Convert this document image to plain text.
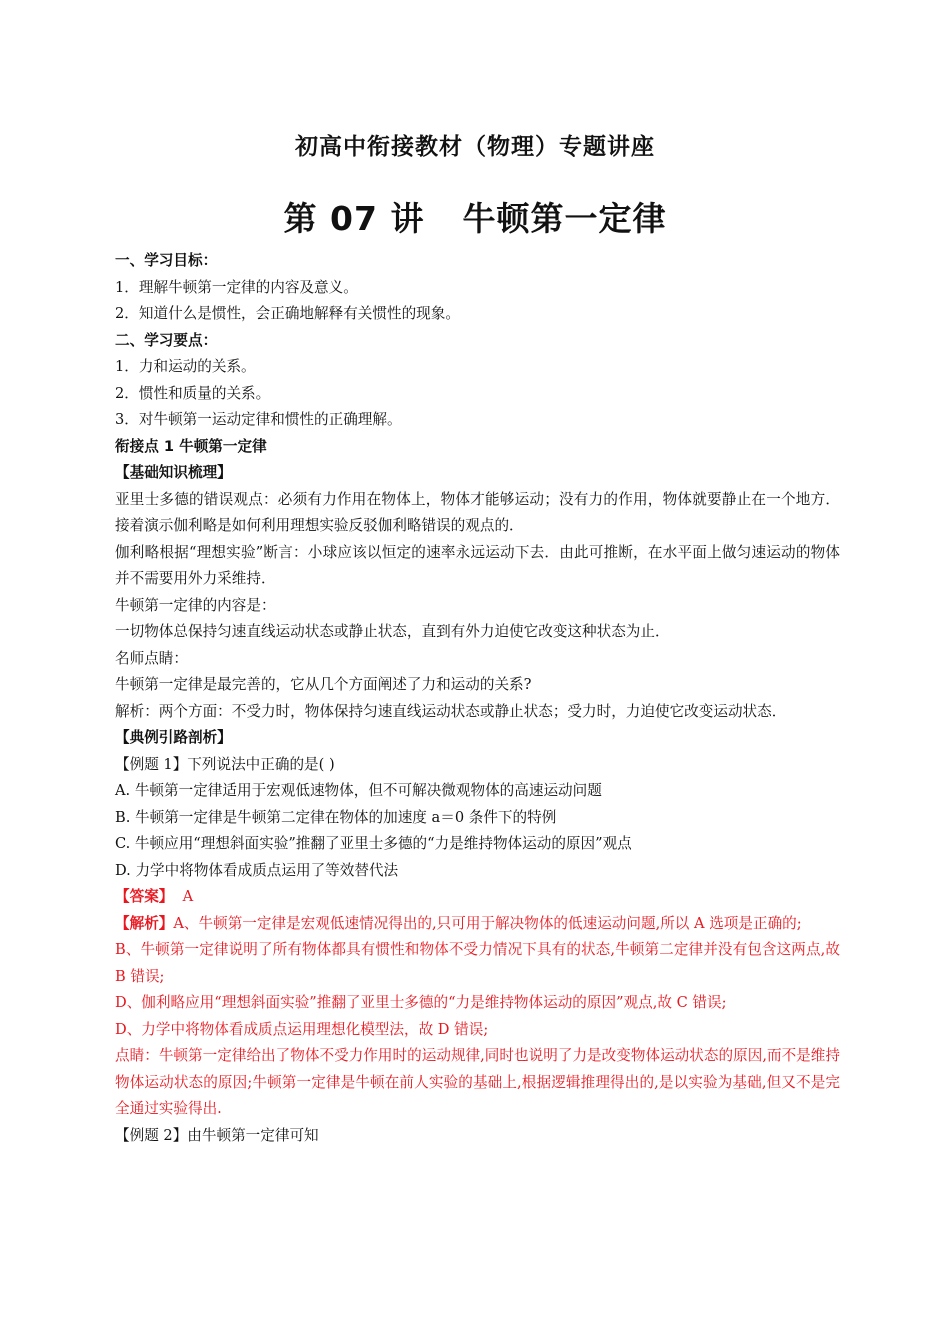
初高中衔接教材（物理）专题讲座
第 07 讲 牛顿第一定律

一、学习目标：

1．理解牛顿第一定律的内容及意义。

2．知道什么是惯性，会正确地解释有关惯性的现象。

二、学习要点：

1．力和运动的关系。

2．惯性和质量的关系。

3．对牛顿第一运动定律和惯性的正确理解。

衔接点 1 牛顿第一定律

【基础知识梳理】

亚里士多德的错误观点：必须有力作用在物体上，物体才能够运动；没有力的作用，物体就要静止在一个地方．接着演示伽利略是如何利用理想实验反驳伽利略错误的观点的．

伽利略根据“理想实验”断言：小球应该以恒定的速率永远运动下去．由此可推断，在水平面上做匀速运动的物体并不需要用外力采维持．

牛顿第一定律的内容是：

一切物体总保持匀速直线运动状态或静止状态，直到有外力迫使它改变这种状态为止．

名师点睛：

牛顿第一定律是最完善的，它从几个方面阐述了力和运动的关系?

解析：两个方面：不受力时，物体保持匀速直线运动状态或静止状态；受力时，力迫使它改变运动状态．

【典例引路剖析】

【例题 1】下列说法中正确的是( )

A. 牛顿第一定律适用于宏观低速物体，但不可解决微观物体的高速运动问题

B. 牛顿第一定律是牛顿第二定律在物体的加速度 a＝0 条件下的特例

C. 牛顿应用“理想斜面实验”推翻了亚里士多德的“力是维持物体运动的原因”观点

D. 力学中将物体看成质点运用了等效替代法

【答案】 A

【解析】A、牛顿第一定律是宏观低速情况得出的,只可用于解决物体的低速运动问题,所以 A 选项是正确的;

B、牛顿第一定律说明了所有物体都具有惯性和物体不受力情况下具有的状态,牛顿第二定律并没有包含这两点,故 B 错误;

D、伽利略应用“理想斜面实验”推翻了亚里士多德的“力是维持物体运动的原因”观点,故 C 错误;

D、力学中将物体看成质点运用理想化模型法，故 D 错误;

点睛：牛顿第一定律给出了物体不受力作用时的运动规律,同时也说明了力是改变物体运动状态的原因,而不是维持物体运动状态的原因;牛顿第一定律是牛顿在前人实验的基础上,根据逻辑推理得出的,是以实验为基础,但又不是完全通过实验得出.

【例题 2】由牛顿第一定律可知
